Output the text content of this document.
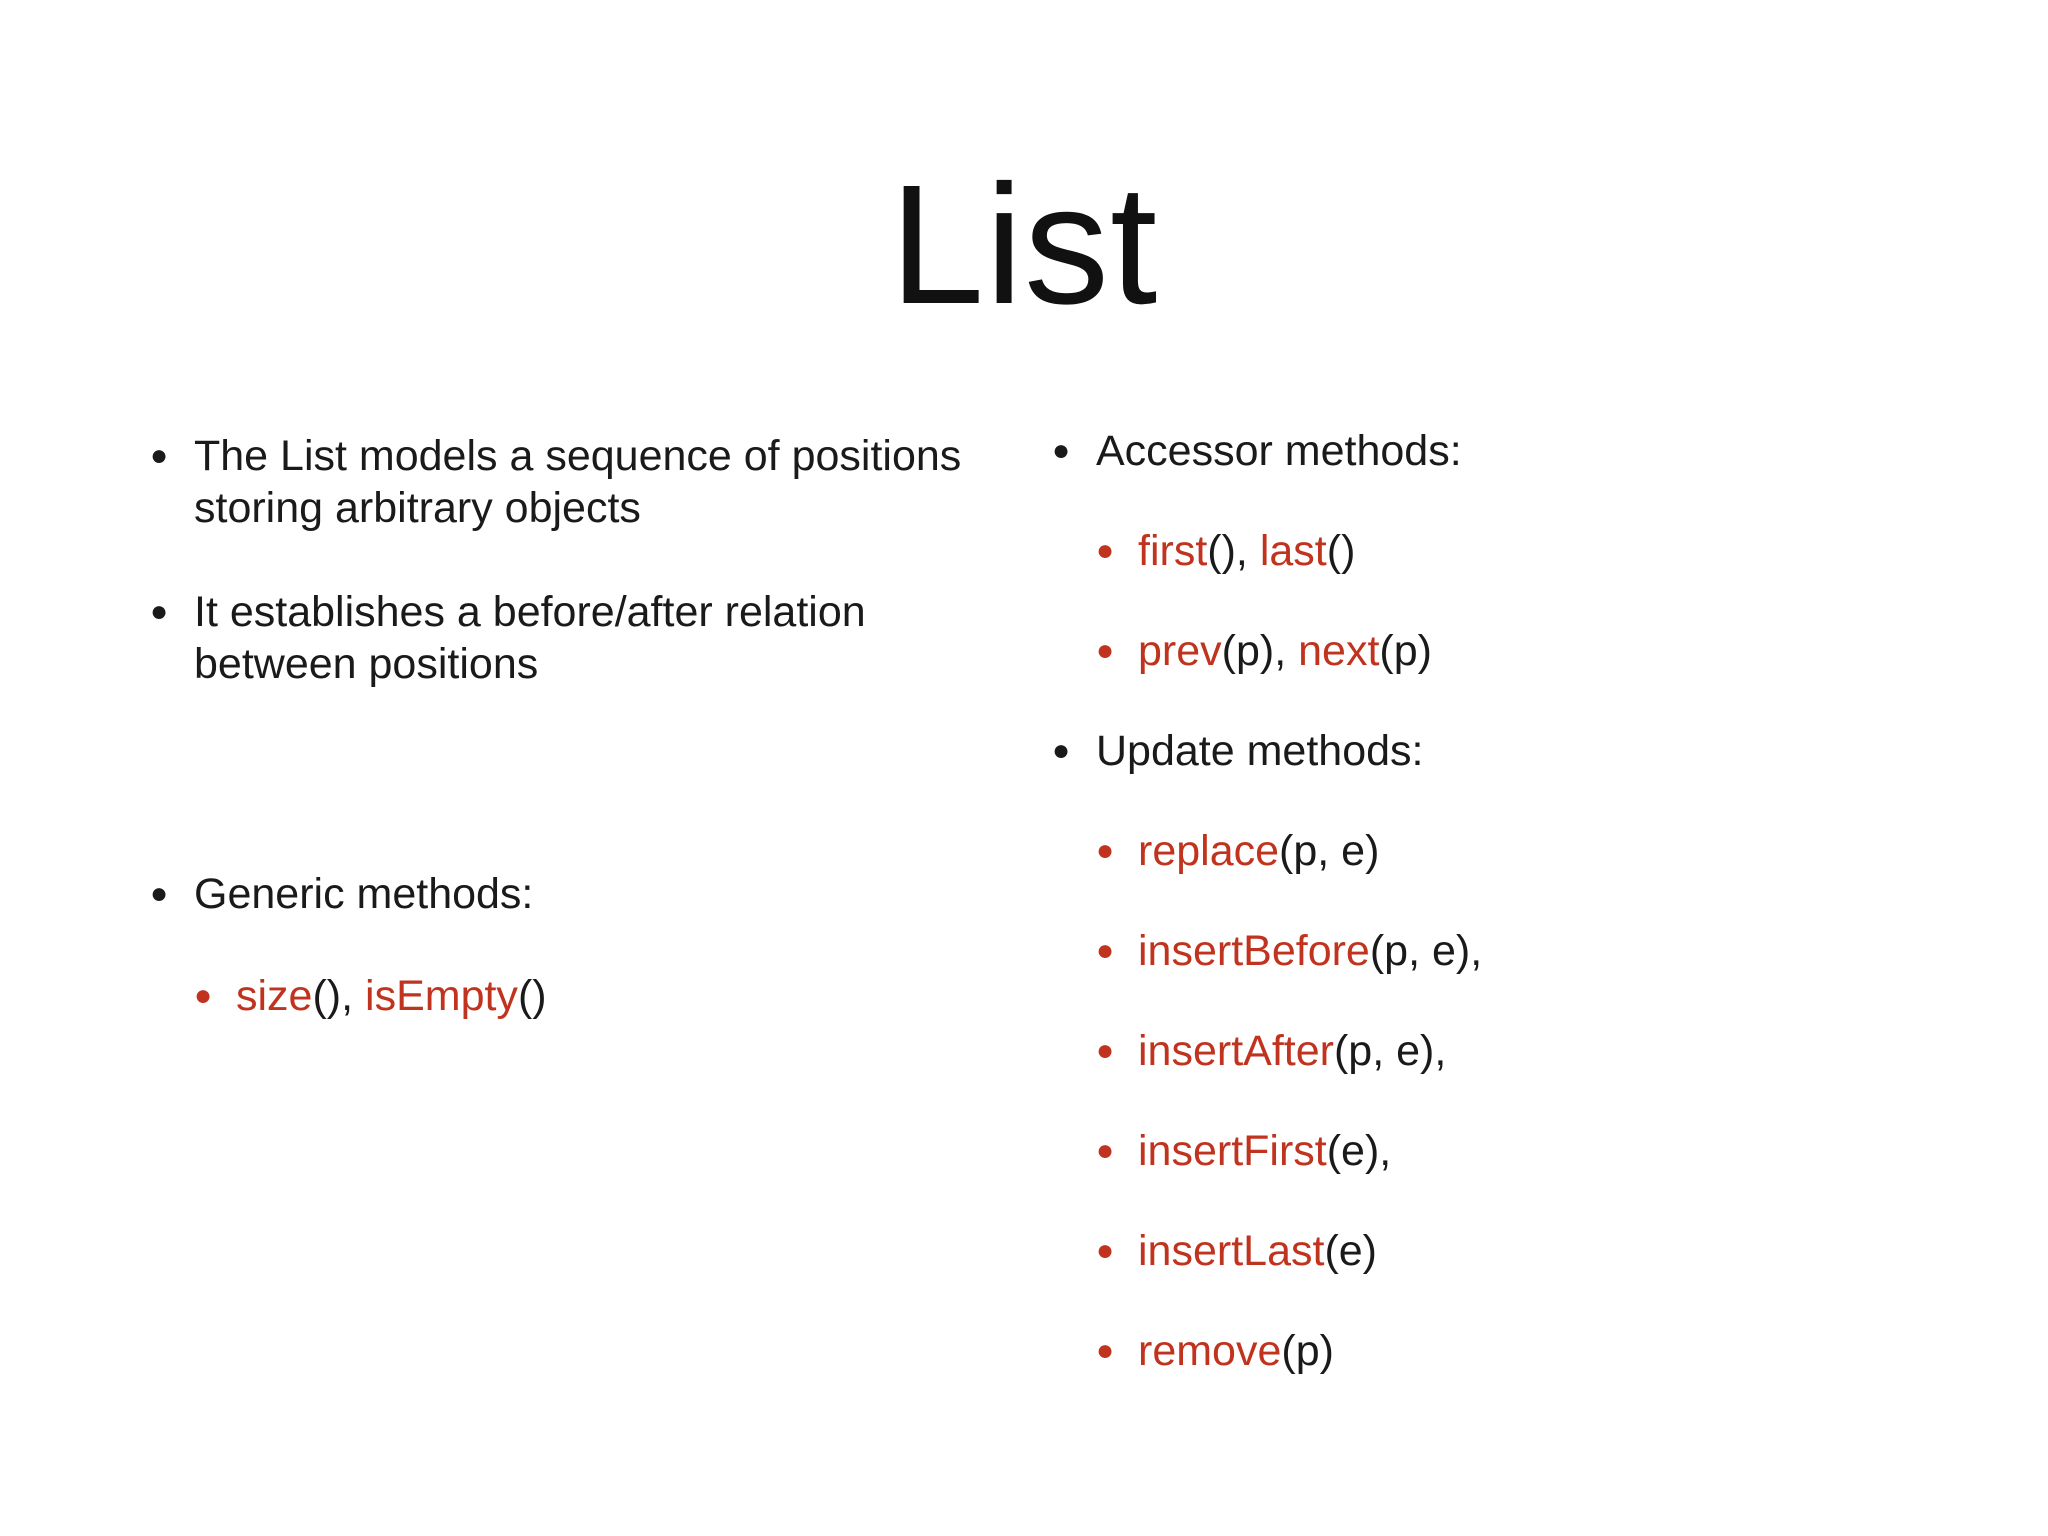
List
● The List models a sequence of positions storing arbitrary objects
● It establishes a before/after relation between positions
● Generic methods:
● size(), isEmpty()
● Accessor methods:
● first(), last()
● prev(p), next(p)
● Update methods:
● replace(p, e)
● insertBefore(p, e),
● insertAfter(p, e),
● insertFirst(e),
● insertLast(e)
● remove(p)
